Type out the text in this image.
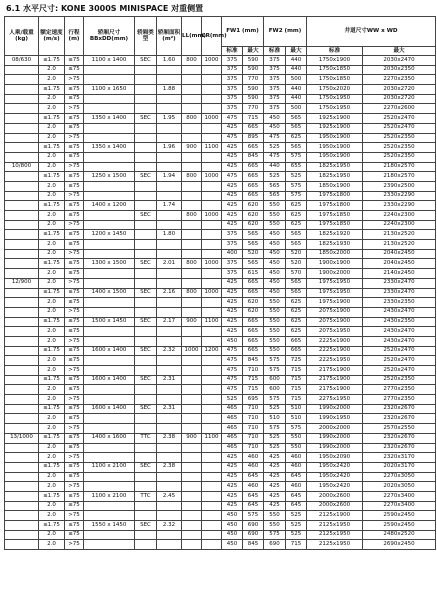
6.1 水平尺寸: KONE 3000S MINISPACE 对重侧置
人乘/载重(kg)	额定速度(m/s)	行程(m)	轿厢尺寸BBxDD(mm)	轿厢类型	轿厢面积(m²)	LL(mm)	LR(mm)	FW1 (mm)		FW2 (mm)		井道尺寸WW x WD	
								标准	最大	标准	最大	标准	最大
08/630	≤1.75	≤75	1100 x 1400	SEC	1.60	800	1000	375	590	375	440	1750x1900	2030x2470
	2.0	≤75						375	590	375	440	1750x1850	2030x2350
	2.0	>75						375	770	375	500	1750x1850	2270x2350
	≤1.75	≤75	1100 x 1650		1.88			375	590	375	440	1750x2020	2030x2720
	2.0	≤75						375	590	375	440	1750x1950	2030x2720
	2.0	>75						375	770	375	500	1750x1950	2270x2600
	≤1.75	≤75	1350 x 1400	SEC	1.95	800	1000	475	715	450	565	1925x1900	2520x2470
	2.0	≤75						425	665	450	565	1925x1900	2520x2470
	2.0	>75						475	895	475	625	1950x1900	2520x2350
	≤1.75	≤75	1350 x 1400		1.96	900	1100	425	665	525	565	1950x1900	2520x2350
	2.0	≤75						425	845	475	575	1950x1900	2520x2350
10/800	2.0	>75						425	665	440	655	1825x1950	2180x2570
	≤1.75	≤75	1250 x 1500	SEC	1.94	800	1000	475	665	525	525	1825x1950	2180x2570
	2.0	≤75						425	665	565	575	1850x1900	2390x2500
	2.0	>75						425	665	565	575	1975x1800	2330x2290
	≤1.75	≤75	1400 x 1200		1.74			425	620	550	625	1975x1800	2330x2290
	2.0	≤75		SEC		800	1000	425	620	550	625	1975x1850	2240x2300
	2.0	>75						425	620	550	625	1975x1850	2240x2300
	≤1.75	≤75	1200 x 1450		1.80			375	565	450	565	1825x1920	2130x2520
	2.0	≤75						375	565	450	565	1825x1930	2130x2520
	2.0	>75						400	520	450	520	1850x2000	2040x2450
	≤1.75	≤75	1300 x 1500	SEC	2.01	800	1000	375	565	450	520	1900x1900	2040x2450
	2.0	≤75						375	615	450	570	1900x2000	2140x2450
12/900	2.0	>75						425	665	450	565	1975x1950	2330x2470
	≤1.75	≤75	1400 x 1500	SEC	2.16	800	1000	425	665	450	565	1975x1950	2330x2470
	2.0	≤75						425	620	550	625	1975x1900	2330x2350
	2.0	>75						425	620	550	625	2075x1900	2430x2470
	≤1.75	≤75	1500 x 1450	SEC	2.17	900	1100	425	665	550	625	2075x1900	2430x2350
	2.0	≤75						425	665	550	625	2075x1950	2430x2470
	2.0	>75						450	665	550	665	2225x1900	2430x2470
	≤1.75	≤75	1600 x 1400	SEC	2.32	1000	1200	475	665	550	665	2225x1900	2520x2470
	2.0	≤75						475	845	575	725	2225x1950	2520x2470
	2.0	>75						475	710	575	715	2175x1900	2520x2470
	≤1.75	≤75	1600 x 1400	SEC	2.31			475	715	600	715	2175x1900	2520x2350
	2.0	≤75						475	715	600	715	2175x1900	2770x2350
	2.0	>75						525	695	575	715	2275x1950	2770x2350
	≤1.75	≤75	1600 x 1400	SEC	2.31			465	710	525	510	1990x2000	2320x2670
	2.0	≤75						465	710	510	510	1990x1950	2320x2670
	2.0	>75						465	710	575	575	2000x2000	2570x2550
13/1000	≤1.75	≤75	1400 x 1600	TTC	2.38	900	1100	465	710	525	550	1990x2000	2320x2670
	2.0	≤75						465	710	525	550	1990x2000	2320x2670
	2.0	>75						425	460	425	460	1950x2090	2320x3170
	≤1.75	≤75	1100 x 2100	SEC	2.38			425	460	425	460	1950x2420	2020x3170
	2.0	≤75						425	645	425	645	1950x2420	2270x3050
	2.0	>75						425	460	425	460	1950x2420	2020x3050
	≤1.75	≤75	1100 x 2100	TTC	2.45			425	645	425	645	2000x2600	2270x3400
	2.0	≤75						425	645	425	645	2000x2600	2270x3400
	2.0	>75						450	575	550	525	2125x1900	2590x2450
	≤1.75	≤75	1550 x 1450	SEC	2.32			450	690	550	525	2125x1950	2590x2450
	2.0	≤75						450	690	575	525	2125x1950	2480x2520
	2.0	>75						450	845	690	715	2125x1950	2690x2450
